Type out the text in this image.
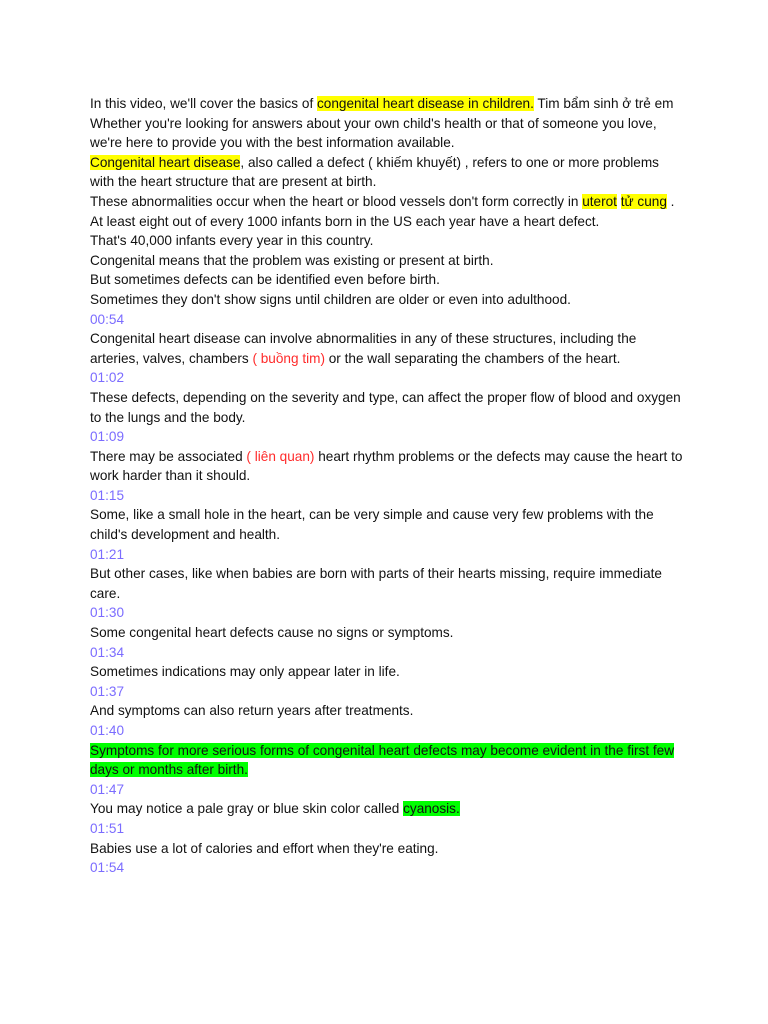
In this video, we'll cover the basics of congenital heart disease in children. Tim bẩm sinh ở trẻ em

Whether you're looking for answers about your own child's health or that of someone you love, we're here to provide you with the best information available.

Congenital heart disease, also called a defect ( khiếm khuyết) , refers to one or more problems with the heart structure that are present at birth.

These abnormalities occur when the heart or blood vessels don't form correctly in uterot tử cung .

At least eight out of every 1000 infants born in the US each year have a heart defect.

That's 40,000 infants every year in this country.

Congenital means that the problem was existing or present at birth.

But sometimes defects can be identified even before birth.

Sometimes they don't show signs until children are older or even into adulthood.

00:54

Congenital heart disease can involve abnormalities in any of these structures, including the arteries, valves, chambers ( buồng tim) or the wall separating the chambers of the heart.

01:02

These defects, depending on the severity and type, can affect the proper flow of blood and oxygen to the lungs and the body.

01:09

There may be associated ( liên quan) heart rhythm problems or the defects may cause the heart to work harder than it should.

01:15

Some, like a small hole in the heart, can be very simple and cause very few problems with the child's development and health.

01:21

But other cases, like when babies are born with parts of their hearts missing, require immediate care.

01:30

Some congenital heart defects cause no signs or symptoms.

01:34

Sometimes indications may only appear later in life.

01:37

And symptoms can also return years after treatments.

01:40

Symptoms for more serious forms of congenital heart defects may become evident in the first few days or months after birth.

01:47

You may notice a pale gray or blue skin color called cyanosis.

01:51

Babies use a lot of calories and effort when they're eating.

01:54
